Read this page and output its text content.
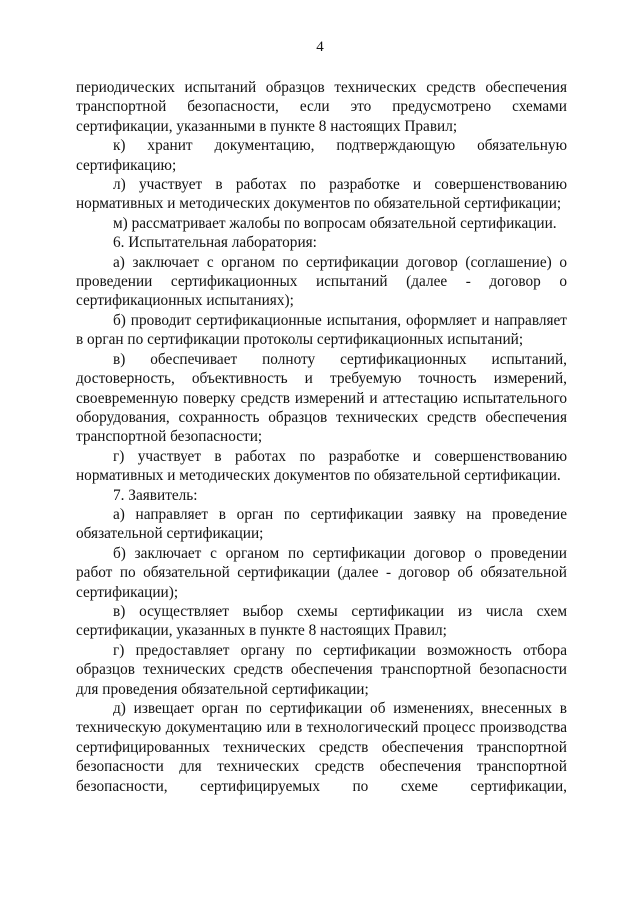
4

периодических испытаний образцов технических средств обеспечения транспортной безопасности, если это предусмотрено схемами сертификации, указанными в пункте 8 настоящих Правил;

к) хранит документацию, подтверждающую обязательную сертификацию;

л) участвует в работах по разработке и совершенствованию нормативных и методических документов по обязательной сертификации;

м) рассматривает жалобы по вопросам обязательной сертификации.

6. Испытательная лаборатория:

а) заключает с органом по сертификации договор (соглашение) о проведении сертификационных испытаний (далее - договор о сертификационных испытаниях);

б) проводит сертификационные испытания, оформляет и направляет в орган по сертификации протоколы сертификационных испытаний;

в) обеспечивает полноту сертификационных испытаний, достоверность, объективность и требуемую точность измерений, своевременную поверку средств измерений и аттестацию испытательного оборудования, сохранность образцов технических средств обеспечения транспортной безопасности;

г) участвует в работах по разработке и совершенствованию нормативных и методических документов по обязательной сертификации.

7. Заявитель:

а) направляет в орган по сертификации заявку на проведение обязательной сертификации;

б) заключает с органом по сертификации договор о проведении работ по обязательной сертификации (далее - договор об обязательной сертификации);

в) осуществляет выбор схемы сертификации из числа схем сертификации, указанных в пункте 8 настоящих Правил;

г) предоставляет органу по сертификации возможность отбора образцов технических средств обеспечения транспортной безопасности для проведения обязательной сертификации;

д) извещает орган по сертификации об изменениях, внесенных в техническую документацию или в технологический процесс производства сертифицированных технических средств обеспечения транспортной безопасности для технических средств обеспечения транспортной безопасности, сертифицируемых по схеме сертификации,
